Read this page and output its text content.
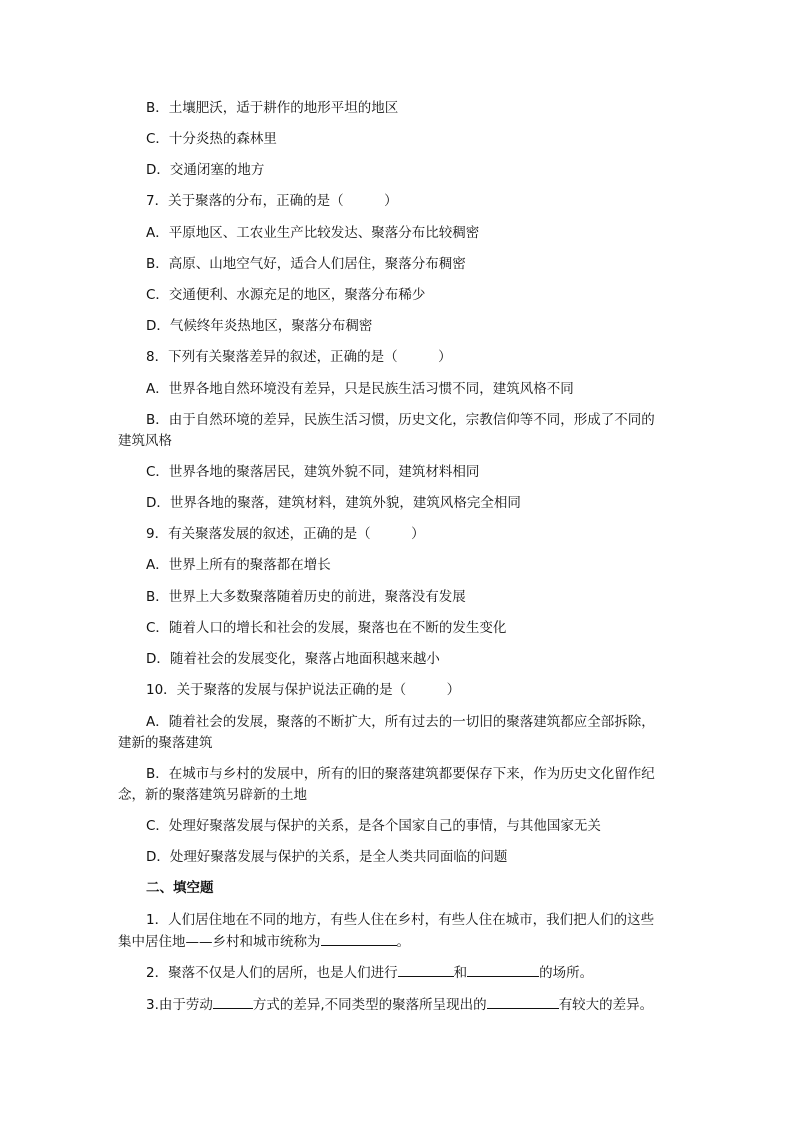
B．土壤肥沃，适于耕作的地形平坦的地区
C．十分炎热的森林里
D．交通闭塞的地方
7．关于聚落的分布，正确的是（　　　）
A．平原地区、工农业生产比较发达、聚落分布比较稠密
B．高原、山地空气好，适合人们居住，聚落分布稠密
C．交通便利、水源充足的地区，聚落分布稀少
D．气候终年炎热地区，聚落分布稠密
8．下列有关聚落差异的叙述，正确的是（　　　）
A．世界各地自然环境没有差异，只是民族生活习惯不同，建筑风格不同
B．由于自然环境的差异，民族生活习惯，历史文化，宗教信仰等不同，形成了不同的
建筑风格
C．世界各地的聚落居民，建筑外貌不同，建筑材料相同
D．世界各地的聚落，建筑材料，建筑外貌，建筑风格完全相同
9．有关聚落发展的叙述，正确的是（　　　）
A．世界上所有的聚落都在增长
B．世界上大多数聚落随着历史的前进，聚落没有发展
C．随着人口的增长和社会的发展，聚落也在不断的发生变化
D．随着社会的发展变化，聚落占地面积越来越小
10．关于聚落的发展与保护说法正确的是（　　　）
A．随着社会的发展，聚落的不断扩大，所有过去的一切旧的聚落建筑都应全部拆除，
建新的聚落建筑
B．在城市与乡村的发展中，所有的旧的聚落建筑都要保存下来，作为历史文化留作纪
念，新的聚落建筑另辟新的土地
C．处理好聚落发展与保护的关系，是各个国家自己的事情，与其他国家无关
D．处理好聚落发展与保护的关系，是全人类共同面临的问题
二、填空题
1．人们居住地在不同的地方，有些人住在乡村，有些人住在城市，我们把人们的这些
集中居住地——乡村和城市统称为	。
2．聚落不仅是人们的居所，也是人们进行	和	的场所。
3.由于劳动	方式的差异,不同类型的聚落所呈现出的	有较大的差异。
